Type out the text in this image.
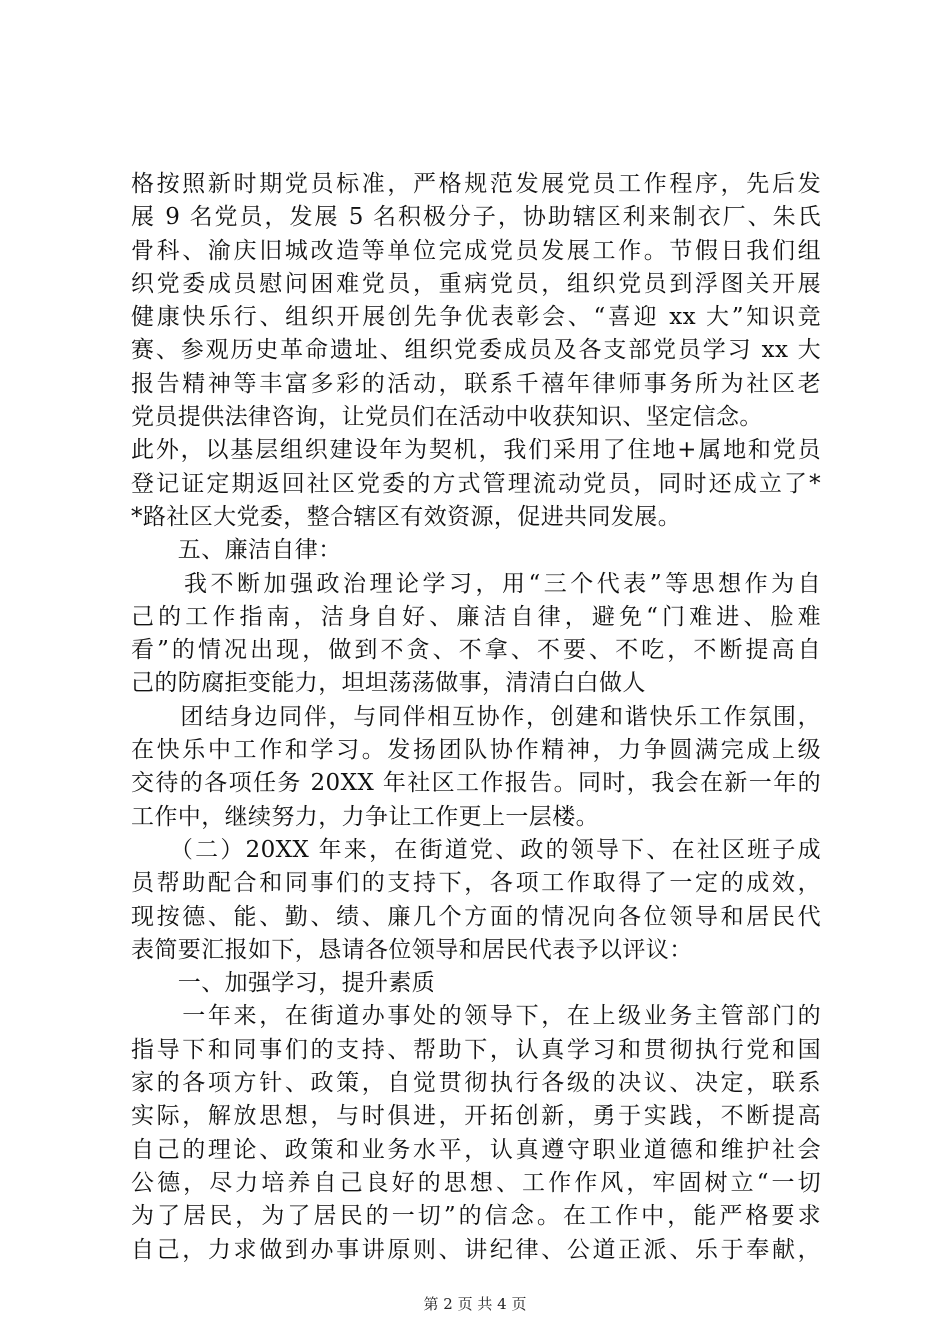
格按照新时期党员标准，严格规范发展党员工作程序，先后发
展 9 名党员，发展 5 名积极分子，协助辖区利来制衣厂、朱氏
骨科、渝庆旧城改造等单位完成党员发展工作。节假日我们组
织党委成员慰问困难党员，重病党员，组织党员到浮图关开展
健康快乐行、组织开展创先争优表彰会、“喜迎 xx 大”知识竞
赛、参观历史革命遗址、组织党委成员及各支部党员学习 xx 大
报告精神等丰富多彩的活动，联系千禧年律师事务所为社区老
党员提供法律咨询，让党员们在活动中收获知识、坚定信念。
此外，以基层组织建设年为契机，我们采用了住地+属地和党员
登记证定期返回社区党委的方式管理流动党员，同时还成立了*
*路社区大党委，整合辖区有效资源，促进共同发展。
　　五、廉洁自律：
　　我不断加强政治理论学习，用“三个代表”等思想作为自
己的工作指南，洁身自好、廉洁自律，避免“门难进、脸难
看”的情况出现，做到不贪、不拿、不要、不吃，不断提高自
己的防腐拒变能力，坦坦荡荡做事，清清白白做人
　　团结身边同伴，与同伴相互协作，创建和谐快乐工作氛围，
在快乐中工作和学习。发扬团队协作精神，力争圆满完成上级
交待的各项任务 20XX 年社区工作报告。同时，我会在新一年的
工作中，继续努力，力争让工作更上一层楼。
　　（二）20XX 年来，在街道党、政的领导下、在社区班子成
员帮助配合和同事们的支持下，各项工作取得了一定的成效，
现按德、能、勤、绩、廉几个方面的情况向各位领导和居民代
表简要汇报如下，恳请各位领导和居民代表予以评议：
　　一、加强学习，提升素质
　　一年来，在街道办事处的领导下，在上级业务主管部门的
指导下和同事们的支持、帮助下，认真学习和贯彻执行党和国
家的各项方针、政策，自觉贯彻执行各级的决议、决定，联系
实际，解放思想，与时俱进，开拓创新，勇于实践，不断提高
自己的理论、政策和业务水平，认真遵守职业道德和维护社会
公德，尽力培养自己良好的思想、工作作风，牢固树立“一切
为了居民，为了居民的一切”的信念。在工作中，能严格要求
自己，力求做到办事讲原则、讲纪律、公道正派、乐于奉献，
第 2 页 共 4 页
